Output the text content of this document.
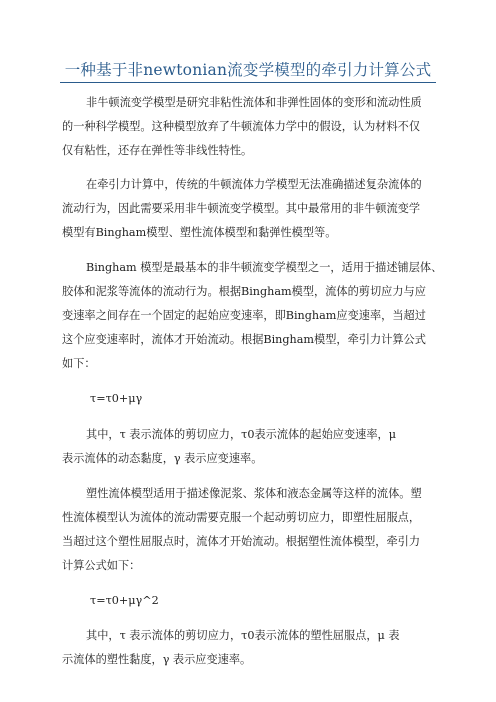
一种基于非newtonian流变学模型的牵引力计算公式
非牛顿流变学模型是研究非粘性流体和非弹性固体的变形和流动性质
的一种科学模型。这种模型放弃了牛顿流体力学中的假设，认为材料不仅
仅有粘性，还存在弹性等非线性特性。
在牵引力计算中，传统的牛顿流体力学模型无法准确描述复杂流体的
流动行为，因此需要采用非牛顿流变学模型。其中最常用的非牛顿流变学
模型有Bingham模型、塑性流体模型和黏弹性模型等。
Bingham 模型是最基本的非牛顿流变学模型之一，适用于描述铺层体、
胶体和泥浆等流体的流动行为。根据Bingham模型，流体的剪切应力与应
变速率之间存在一个固定的起始应变速率，即Bingham应变速率，当超过
这个应变速率时，流体才开始流动。根据Bingham模型，牵引力计算公式
如下：
τ=τ0+μγ
其中，τ 表示流体的剪切应力，τ0表示流体的起始应变速率，μ
表示流体的动态黏度，γ 表示应变速率。
塑性流体模型适用于描述像泥浆、浆体和液态金属等这样的流体。塑
性流体模型认为流体的流动需要克服一个起动剪切应力，即塑性屈服点，
当超过这个塑性屈服点时，流体才开始流动。根据塑性流体模型，牵引力
计算公式如下：
τ=τ0+μγ^2
其中，τ 表示流体的剪切应力，τ0表示流体的塑性屈服点，μ 表
示流体的塑性黏度，γ 表示应变速率。
